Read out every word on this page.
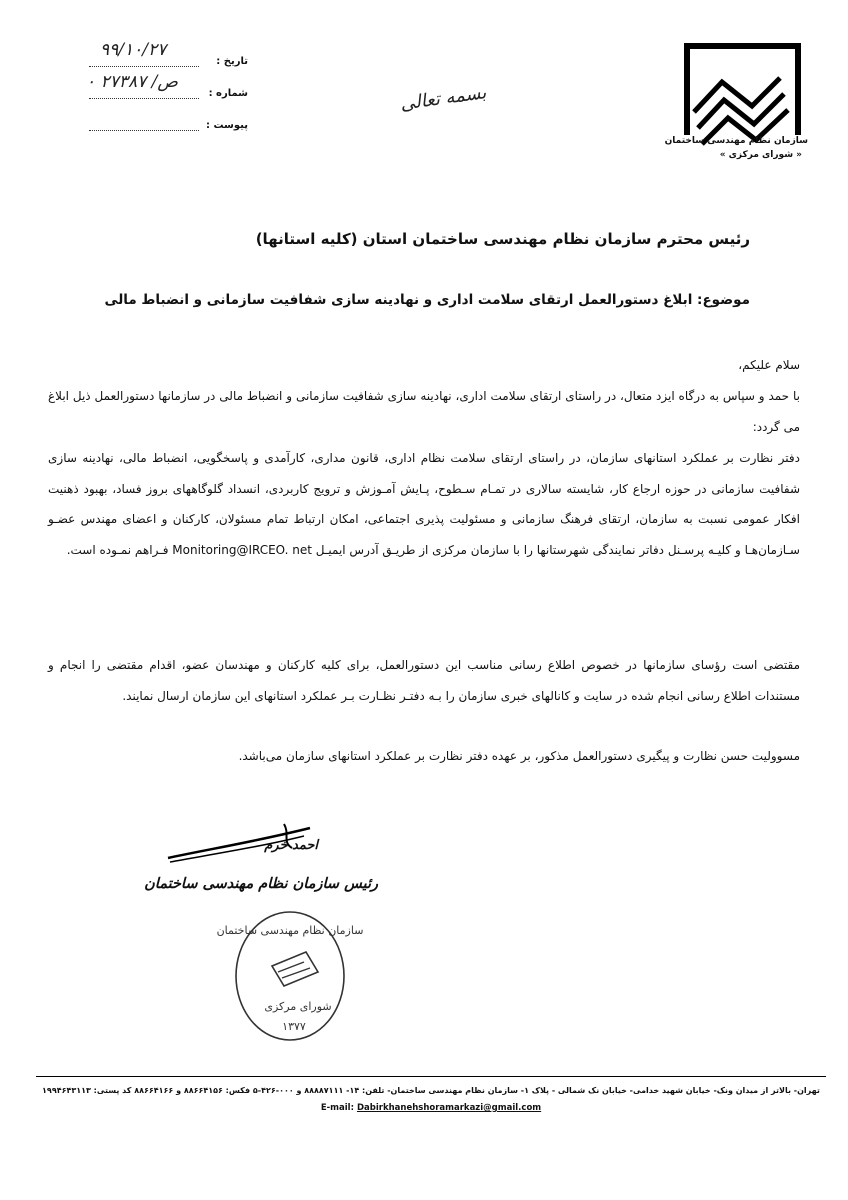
سازمان نظام مهندسی ساختمان
« شورای مرکزی »
بسمه تعالی
تاریخ :
۹۹/۱۰/۲۷
شماره :
۰ ص/ ۲۷۳۸۷
پیوست :
رئیس محترم سازمان نظام مهندسی ساختمان استان (کلیه استانها)
موضوع: ابلاغ دستورالعمل ارتقای سلامت اداری و نهادینه سازی شفافیت سازمانی و انضباط مالی
سلام علیکم،
با حمد و سپاس به درگاه ایزد متعال، در راستای ارتقای سلامت اداری، نهادینه سازی شفافیت سازمانی و انضباط مالی در سازمانها دستورالعمل ذیل ابلاغ می گردد:
دفتر نظارت بر عملکرد استانهای سازمان، در راستای ارتقای سلامت نظام اداری، قانون مداری، کارآمدی و پاسخگویی، انضباط مالی، نهادینه سازی شفافیت سازمانی در حوزه ارجاع کار، شایسته سالاری در تمـام سـطوح، پـایش آمـوزش و ترویج کاربردی، انسداد گلوگاههای بروز فساد، بهبود ذهنیت افکار عمومی نسبت به سازمان، ارتقای فرهنگ سازمانی و مسئولیت پذیری اجتماعی، امکان ارتباط تمام مسئولان، کارکنان و اعضای مهندس عضـو سـازمان‌هـا و کلیـه پرسـنل دفاتر نمایندگی شهرستانها را با سازمان مرکزی از طریـق آدرس ایمیـل Monitoring@IRCEO. net فـراهم نمـوده است.
مقتضی است رؤسای سازمانها در خصوص اطلاع رسانی مناسب این دستورالعمل، برای کلیه کارکنان و مهندسان عضو، اقدام مقتضی را انجام و مستندات اطلاع رسانی انجام شده در سایت و کانالهای خبری سازمان را بـه دفتـر نظـارت بـر عملکرد استانهای این سازمان ارسال نمایند.
مسوولیت حسن نظارت و پیگیری دستورالعمل مذکور، بر عهده دفتر نظارت بر عملکرد استانهای سازمان می‌باشد.
احمد خرم
رئیس سازمان نظام مهندسی ساختمان
سازمان نظام مهندسی ساختمان
شورای مرکزی
۱۳۷۷
تهران- بالاتر از میدان ونک- خیابان شهید خدامی- خیابان نک شمالی - پلاک ۱- سازمان نظام مهندسی ساختمان- تلفن: ۱۴- ۸۸۸۸۷۱۱۱ و ۰۰۰-۴۲۶-۵ فکس: ۸۸۶۶۴۱۵۶ و ۸۸۶۶۴۱۶۶ کد پستی: ۱۹۹۴۶۴۳۱۱۳
E-mail: Dabirkhanehshoramarkazi@gmail.com
